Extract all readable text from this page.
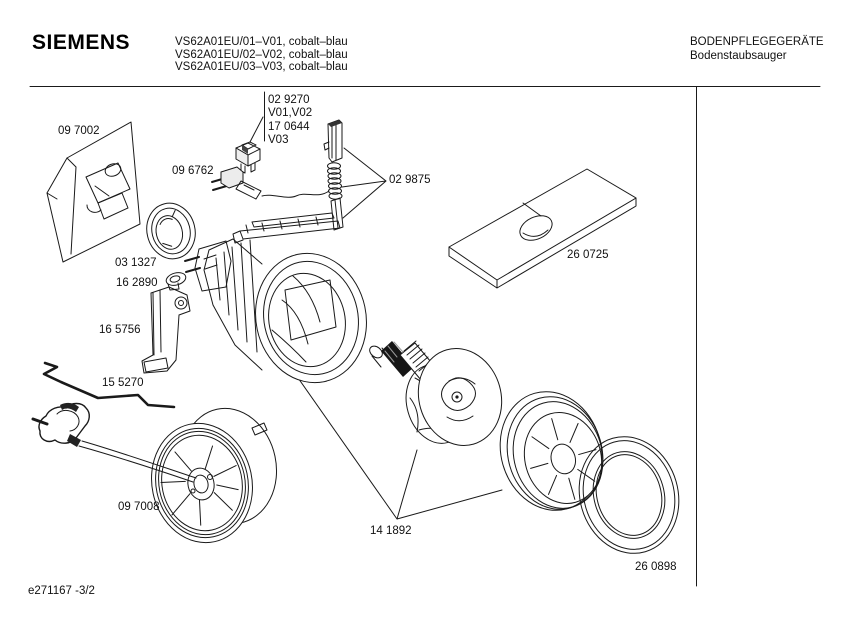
SIEMENS	VS62A01EU/01–V01, cobalt–blau
VS62A01EU/02–V02, cobalt–blau
VS62A01EU/03–V03, cobalt–blau
BODENPFLEGEGERÄTE
Bodenstaubsauger
09 7002
02 9270
V01,V02
17 0644
V03
09 6762
02 9875
26 0725
03 1327
16 2890
16 5756
15 5270
09 7008
14 1892
26 0898
e271167 -3/2
